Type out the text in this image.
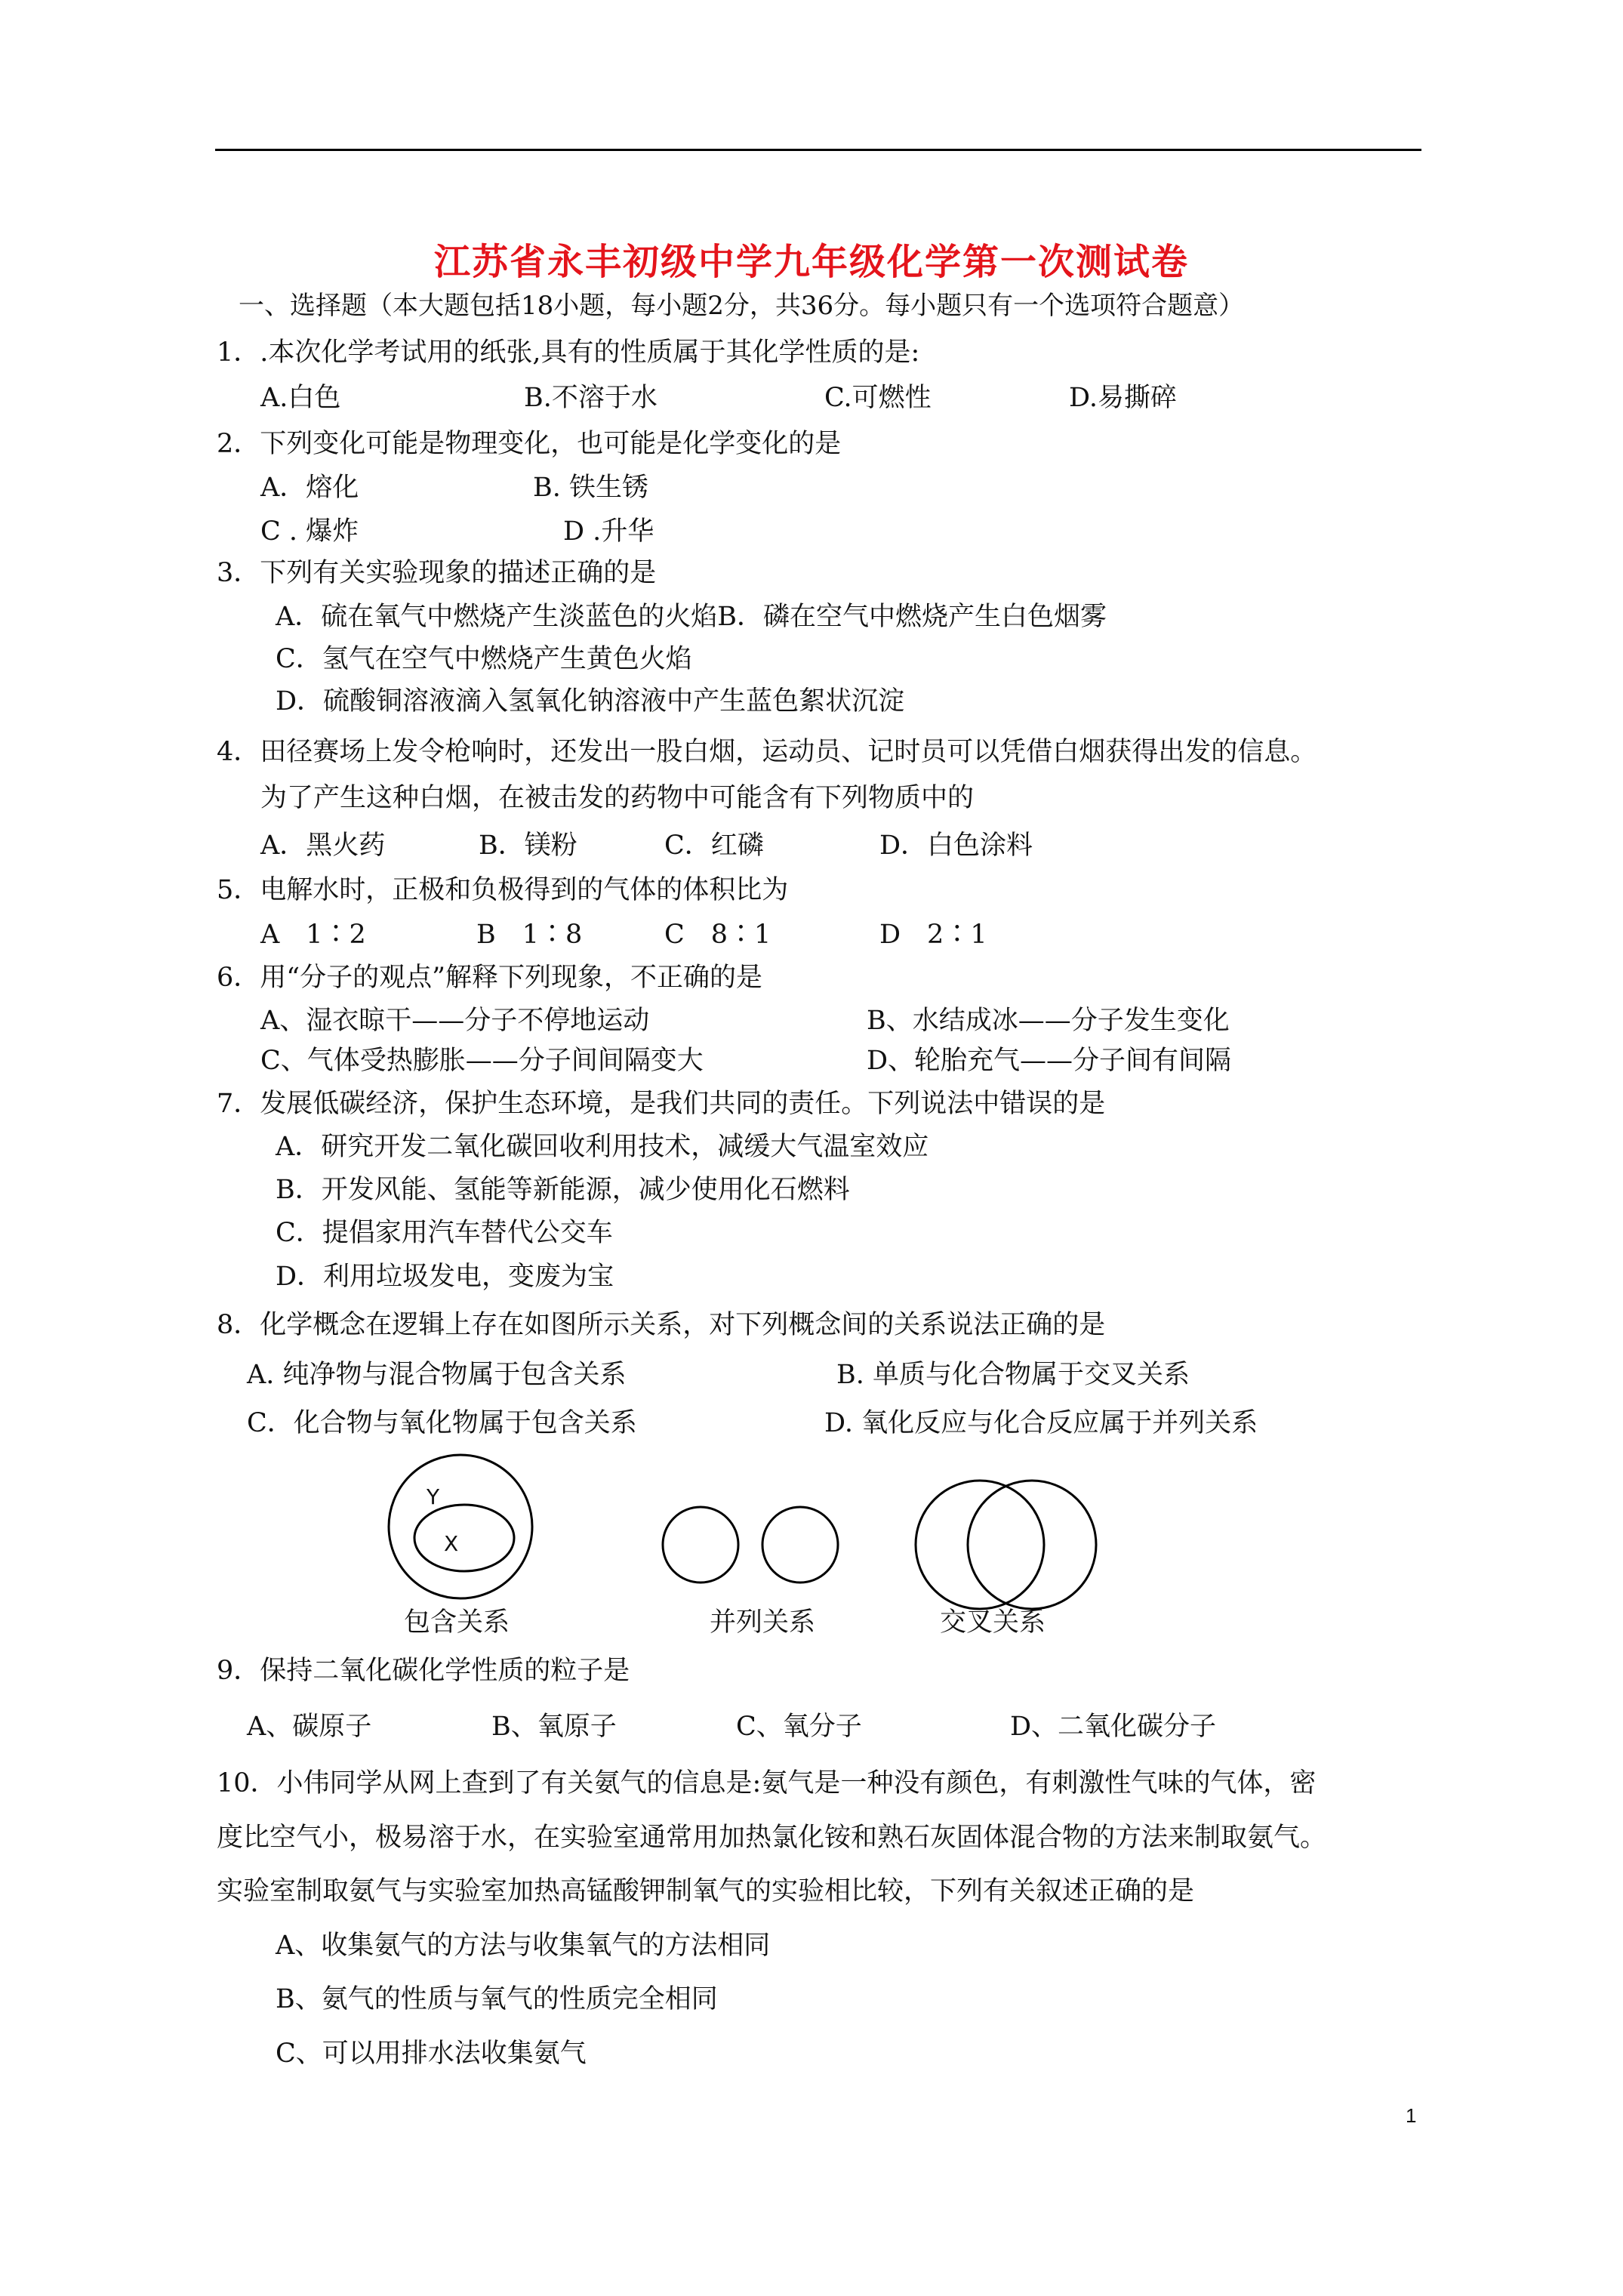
江苏省永丰初级中学九年级化学第一次测试卷
一、选择题（本大题包括18小题，每小题2分，共36分。每小题只有一个选项符合题意）
1．.本次化学考试用的纸张,具有的性质属于其化学性质的是:
A.白色	B.不溶于水	C.可燃性	D.易撕碎
2．下列变化可能是物理变化，也可能是化学变化的是
A．熔化	B. 铁生锈
C . 爆炸	D .升华
3．下列有关实验现象的描述正确的是
A．硫在氧气中燃烧产生淡蓝色的火焰B．磷在空气中燃烧产生白色烟雾
C．氢气在空气中燃烧产生黄色火焰
D．硫酸铜溶液滴入氢氧化钠溶液中产生蓝色絮状沉淀
4．田径赛场上发令枪响时，还发出一股白烟，运动员、记时员可以凭借白烟获得出发的信息。
为了产生这种白烟，在被击发的药物中可能含有下列物质中的
A．黑火药	B．镁粉	C．红磷	D．白色涂料
5．电解水时，正极和负极得到的气体的体积比为
A　1∶2	B　1∶8	C　8∶1	D　2∶1
6．用“分子的观点”解释下列现象，不正确的是
A、湿衣晾干——分子不停地运动	B、水结成冰——分子发生变化
C、气体受热膨胀——分子间间隔变大	D、轮胎充气——分子间有间隔
7．发展低碳经济，保护生态环境，是我们共同的责任。下列说法中错误的是
A．研究开发二氧化碳回收利用技术，减缓大气温室效应
B．开发风能、氢能等新能源，减少使用化石燃料
C．提倡家用汽车替代公交车
D．利用垃圾发电，变废为宝
8．化学概念在逻辑上存在如图所示关系，对下列概念间的关系说法正确的是
A. 纯净物与混合物属于包含关系	B. 单质与化合物属于交叉关系
C．化合物与氧化物属于包含关系	D. 氧化反应与化合反应属于并列关系
Y
X
包含关系	并列关系	交叉关系
9．保持二氧化碳化学性质的粒子是
A、碳原子	B、氧原子	C、氧分子	D、二氧化碳分子
10．小伟同学从网上查到了有关氨气的信息是:氨气是一种没有颜色，有刺激性气味的气体，密
度比空气小，极易溶于水，在实验室通常用加热氯化铵和熟石灰固体混合物的方法来制取氨气。
实验室制取氨气与实验室加热高锰酸钾制氧气的实验相比较，下列有关叙述正确的是
A、收集氨气的方法与收集氧气的方法相同
B、氨气的性质与氧气的性质完全相同
C、可以用排水法收集氨气
1
